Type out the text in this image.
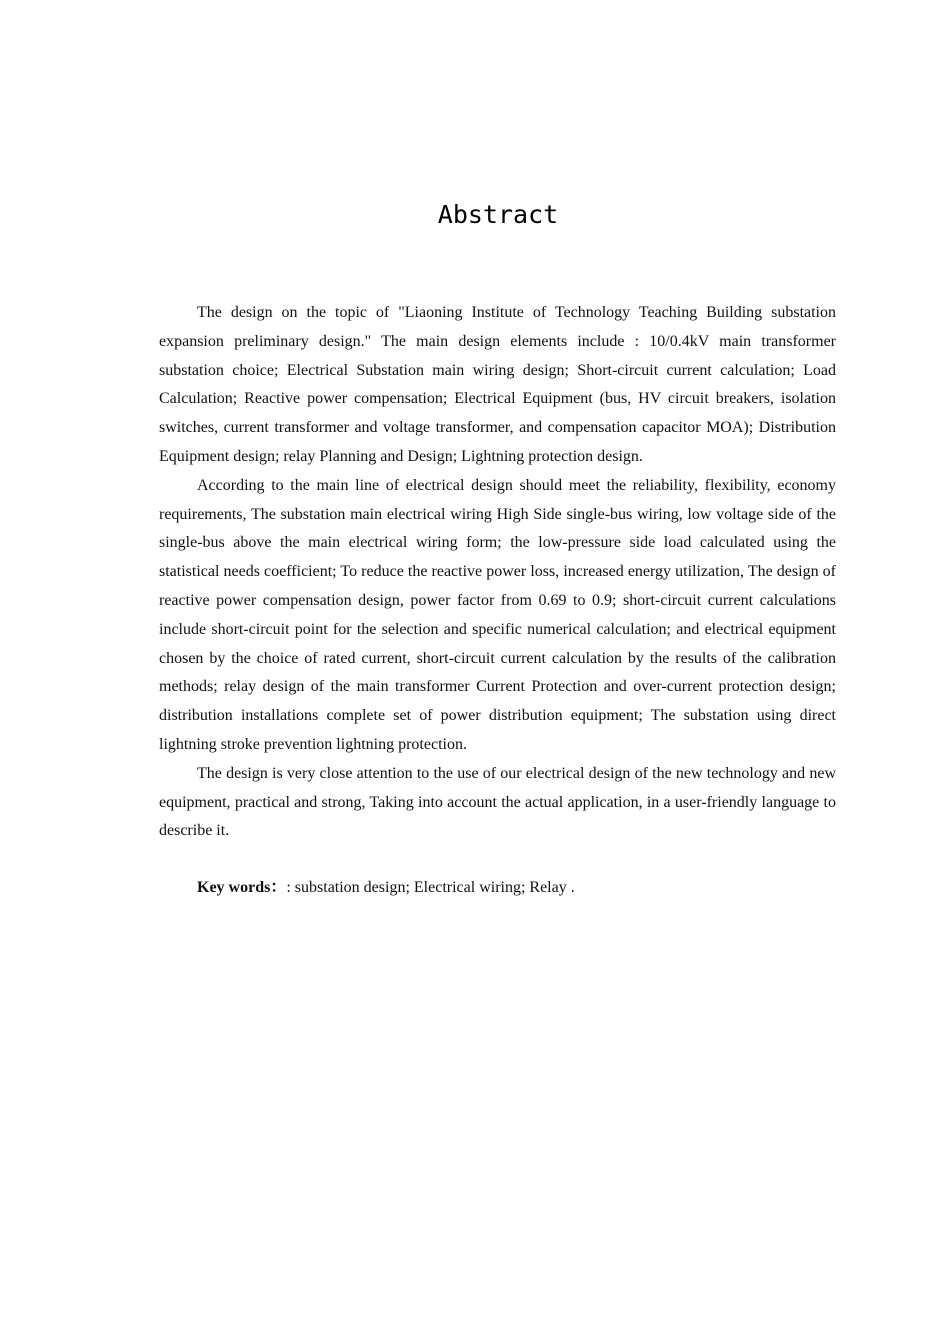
Abstract

The design on the topic of "Liaoning Institute of Technology Teaching Building substation expansion preliminary design." The main design elements include : 10/0.4kV main transformer substation choice; Electrical Substation main wiring design; Short-circuit current calculation; Load Calculation; Reactive power compensation; Electrical Equipment (bus, HV circuit breakers, isolation switches, current transformer and voltage transformer, and compensation capacitor MOA); Distribution Equipment design; relay Planning and Design; Lightning protection design.

According to the main line of electrical design should meet the reliability, flexibility, economy requirements, The substation main electrical wiring High Side single-bus wiring, low voltage side of the single-bus above the main electrical wiring form; the low-pressure side load calculated using the statistical needs coefficient; To reduce the reactive power loss, increased energy utilization, The design of reactive power compensation design, power factor from 0.69 to 0.9; short-circuit current calculations include short-circuit point for the selection and specific numerical calculation; and electrical equipment chosen by the choice of rated current, short-circuit current calculation by the results of the calibration methods; relay design of the main transformer Current Protection and over-current protection design; distribution installations complete set of power distribution equipment; The substation using direct lightning stroke prevention lightning protection.

The design is very close attention to the use of our electrical design of the new technology and new equipment, practical and strong, Taking into account the actual application, in a user-friendly language to describe it.

Key words：: substation design; Electrical wiring; Relay .
